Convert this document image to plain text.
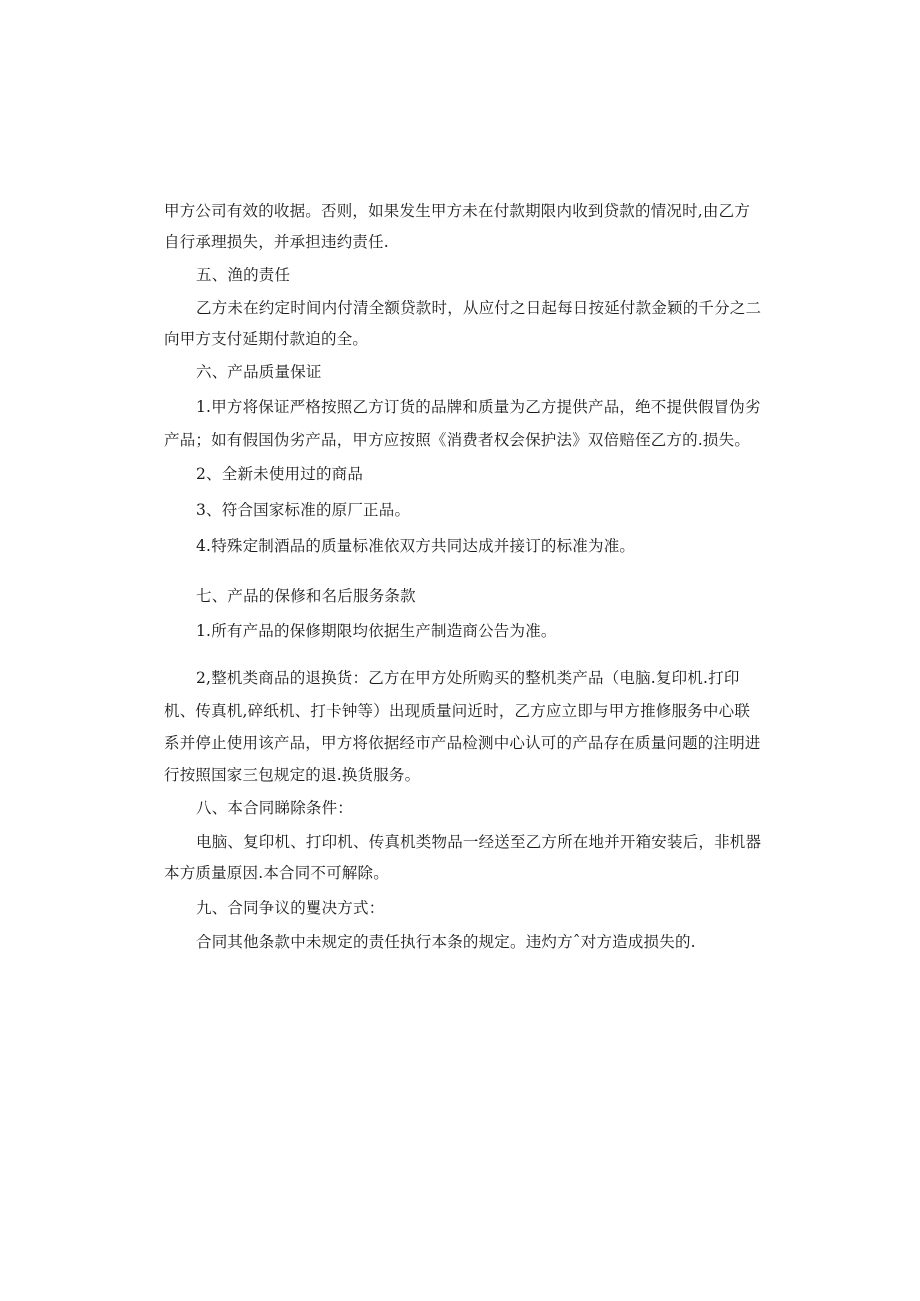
甲方公司有效的收据。否则，如果发生甲方未在付款期限内收到贷款的情况时,由乙方
自行承理损失，并承担违约责任.
五、渔的责任
乙方未在约定时间内付清全额贷款时，从应付之日起每日按延付款金颖的千分之二
向甲方支付延期付款迫的全。
六、产品质量保证
1.甲方将保证严格按照乙方订货的品牌和质量为乙方提供产品，绝不提供假冒伪劣
产品；如有假国伪劣产品，甲方应按照《消费者权会保护法》双倍赔侄乙方的.损失。
2、全新未使用过的商品
3、符合国家标准的原厂正品。
4.特殊定制酒品的质量标准依双方共同达成并接订的标准为准。
七、产品的保修和名后服务条款
1.所有产品的保修期限均依据生产制造商公告为准。
2,整机类商品的退换货：乙方在甲方处所购买的整机类产品（电脑.复印机.打印
机、传真机,碎纸机、打卡钟等）出现质量问近时，乙方应立即与甲方推修服务中心联
系并停止使用该产品，甲方将依据经市产品检测中心认可的产品存在质量问题的注明进
行按照国家三包规定的退.换货服务。
八、本合同睇除条件：
电脑、复印机、打印机、传真机类物品一经送至乙方所在地并开箱安装后，非机器
本方质量原因.本合同不可解除。
九、合同争议的矍决方式：
合同其他条款中未规定的责任执行本条的规定。违灼方ˆ对方造成损失的.
